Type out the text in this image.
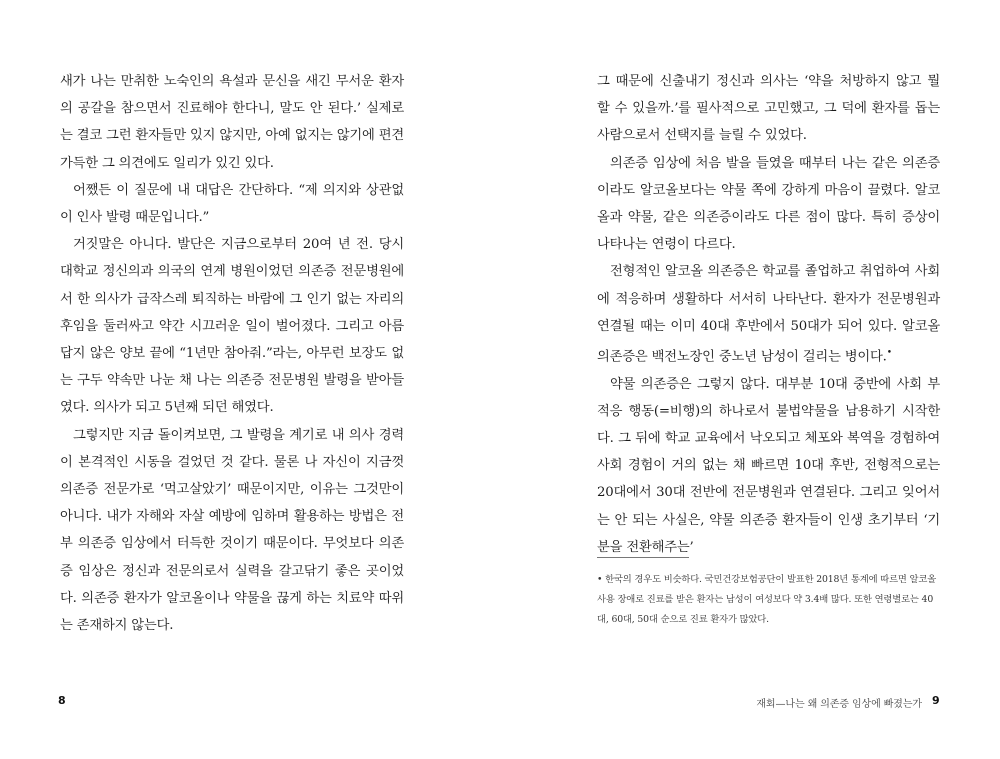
새가 나는 만취한 노숙인의 욕설과 문신을 새긴 무서운 환자의 공갈을 참으면서 진료해야 한다니, 말도 안 된다.’ 실제로는 결코 그런 환자들만 있지 않지만, 아예 없지는 않기에 편견 가득한 그 의견에도 일리가 있긴 있다.

어쨌든 이 질문에 내 대답은 간단하다. “제 의지와 상관없이 인사 발령 때문입니다.”

거짓말은 아니다. 발단은 지금으로부터 20여 년 전. 당시 대학교 정신의과 의국의 연계 병원이었던 의존증 전문병원에서 한 의사가 급작스레 퇴직하는 바람에 그 인기 없는 자리의 후임을 둘러싸고 약간 시끄러운 일이 벌어졌다. 그리고 아름답지 않은 양보 끝에 “1년만 참아줘.”라는, 아무런 보장도 없는 구두 약속만 나눈 채 나는 의존증 전문병원 발령을 받아들였다. 의사가 되고 5년째 되던 해였다.

그렇지만 지금 돌이켜보면, 그 발령을 계기로 내 의사 경력이 본격적인 시동을 걸었던 것 같다. 물론 나 자신이 지금껏 의존증 전문가로 ‘먹고살았기’ 때문이지만, 이유는 그것만이 아니다. 내가 자해와 자살 예방에 임하며 활용하는 방법은 전부 의존증 임상에서 터득한 것이기 때문이다. 무엇보다 의존증 임상은 정신과 전문의로서 실력을 갈고닦기 좋은 곳이었다. 의존증 환자가 알코올이나 약물을 끊게 하는 치료약 따위는 존재하지 않는다.

8

그 때문에 신출내기 정신과 의사는 ‘약을 처방하지 않고 뭘 할 수 있을까.’를 필사적으로 고민했고, 그 덕에 환자를 돕는 사람으로서 선택지를 늘릴 수 있었다.

의존증 임상에 처음 발을 들였을 때부터 나는 같은 의존증이라도 알코올보다는 약물 쪽에 강하게 마음이 끌렸다. 알코올과 약물, 같은 의존증이라도 다른 점이 많다. 특히 증상이 나타나는 연령이 다르다.

전형적인 알코올 의존증은 학교를 졸업하고 취업하여 사회에 적응하며 생활하다 서서히 나타난다. 환자가 전문병원과 연결될 때는 이미 40대 후반에서 50대가 되어 있다. 알코올 의존증은 백전노장인 중노년 남성이 걸리는 병이다.•

약물 의존증은 그렇지 않다. 대부분 10대 중반에 사회 부적응 행동(=비행)의 하나로서 불법약물을 남용하기 시작한다. 그 뒤에 학교 교육에서 낙오되고 체포와 복역을 경험하여 사회 경험이 거의 없는 채 빠르면 10대 후반, 전형적으로는 20대에서 30대 전반에 전문병원과 연결된다. 그리고 잊어서는 안 되는 사실은, 약물 의존증 환자들이 인생 초기부터 ‘기분을 전환해주는’

• 한국의 경우도 비슷하다. 국민건강보험공단이 발표한 2018년 통계에 따르면 알코올 사용 장애로 진료를 받은 환자는 남성이 여성보다 약 3.4배 많다. 또한 연령별로는 40대, 60대, 50대 순으로 진료 환자가 많았다.
재회—나는 왜 의존증 임상에 빠졌는가 9
